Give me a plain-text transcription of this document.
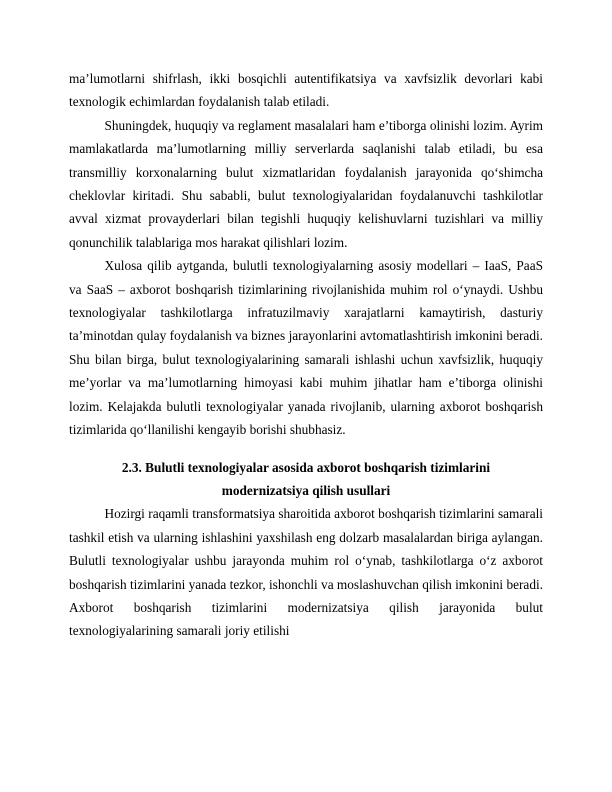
ma’lumotlarni shifrlash, ikki bosqichli autentifikatsiya va xavfsizlik devorlari kabi texnologik echimlardan foydalanish talab etiladi.

Shuningdek, huquqiy va reglament masalalari ham e’tiborga olinishi lozim. Ayrim mamlakatlarda ma’lumotlarning milliy serverlarda saqlanishi talab etiladi, bu esa transmilliy korxonalarning bulut xizmatlaridan foydalanish jarayonida qo‘shimcha cheklovlar kiritadi. Shu sababli, bulut texnologiyalaridan foydalanuvchi tashkilotlar avval xizmat provayderlari bilan tegishli huquqiy kelishuvlarni tuzishlari va milliy qonunchilik talablariga mos harakat qilishlari lozim.

Xulosa qilib aytganda, bulutli texnologiyalarning asosiy modellari – IaaS, PaaS va SaaS – axborot boshqarish tizimlarining rivojlanishida muhim rol o‘ynaydi. Ushbu texnologiyalar tashkilotlarga infratuzilmaviy xarajatlarni kamaytirish, dasturiy ta’minotdan qulay foydalanish va biznes jarayonlarini avtomatlashtirish imkonini beradi. Shu bilan birga, bulut texnologiyalarining samarali ishlashi uchun xavfsizlik, huquqiy me’yorlar va ma’lumotlarning himoyasi kabi muhim jihatlar ham e’tiborga olinishi lozim. Kelajakda bulutli texnologiyalar yanada rivojlanib, ularning axborot boshqarish tizimlarida qo‘llanilishi kengayib borishi shubhasiz.

2.3. Bulutli texnologiyalar asosida axborot boshqarish tizimlarini
modernizatsiya qilish usullari

Hozirgi raqamli transformatsiya sharoitida axborot boshqarish tizimlarini samarali tashkil etish va ularning ishlashini yaxshilash eng dolzarb masalalardan biriga aylangan. Bulutli texnologiyalar ushbu jarayonda muhim rol o‘ynab, tashkilotlarga o‘z axborot boshqarish tizimlarini yanada tezkor, ishonchli va moslashuvchan qilish imkonini beradi. Axborot boshqarish tizimlarini modernizatsiya qilish jarayonida bulut texnologiyalarining samarali joriy etilishi
